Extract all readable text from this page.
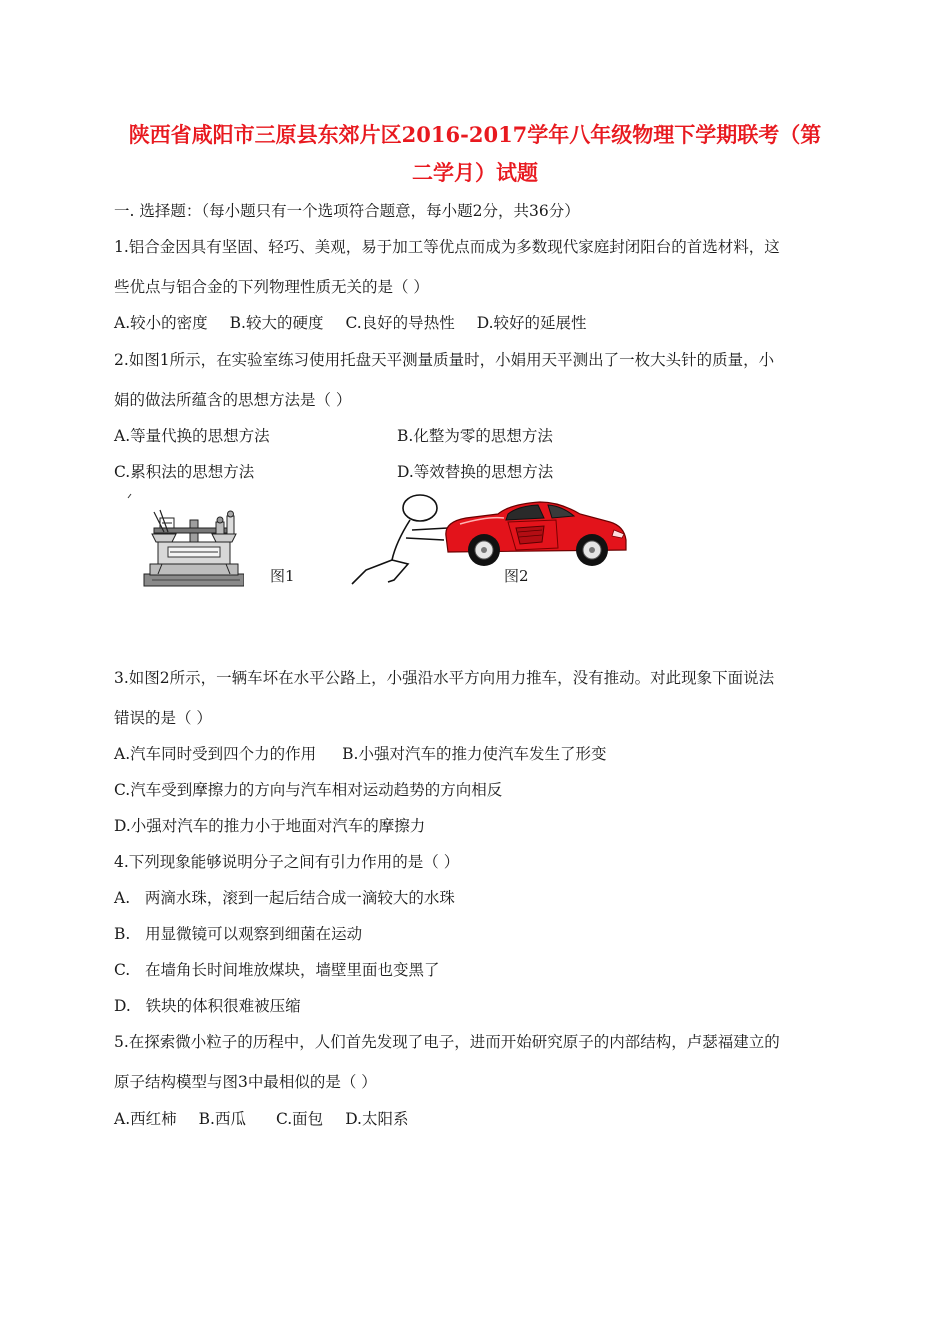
陕西省咸阳市三原县东郊片区2016-2017学年八年级物理下学期联考（第
二学月）试题
一. 选择题：（每小题只有一个选项符合题意，每小题2分，共36分）
1.铝合金因具有坚固、轻巧、美观，易于加工等优点而成为多数现代家庭封闭阳台的首选材料，这
些优点与铝合金的下列物理性质无关的是（ ）
A.较小的密度 B.较大的硬度 C.良好的导热性 D.较好的延展性
2.如图1所示，在实验室练习使用托盘天平测量质量时，小娟用天平测出了一枚大头针的质量，小
娟的做法所蕴含的思想方法是（ ）
A.等量代换的思想方法	B.化整为零的思想方法
C.累积法的思想方法	D.等效替换的思想方法
图1	图2
3.如图2所示，一辆车坏在水平公路上，小强沿水平方向用力推车，没有推动。对此现象下面说法
错误的是（ ）
A.汽车同时受到四个力的作用 B.小强对汽车的推力使汽车发生了形变
C.汽车受到摩擦力的方向与汽车相对运动趋势的方向相反
D.小强对汽车的推力小于地面对汽车的摩擦力
4.下列现象能够说明分子之间有引力作用的是（ ）
A.   两滴水珠，滚到一起后结合成一滴较大的水珠
B.   用显微镜可以观察到细菌在运动
C.   在墙角长时间堆放煤块，墙壁里面也变黑了
D.   铁块的体积很难被压缩
5.在探索微小粒子的历程中，人们首先发现了电子，进而开始研究原子的内部结构，卢瑟福建立的
原子结构模型与图3中最相似的是（ ）
A.西红柿 B.西瓜 C.面包 D.太阳系
